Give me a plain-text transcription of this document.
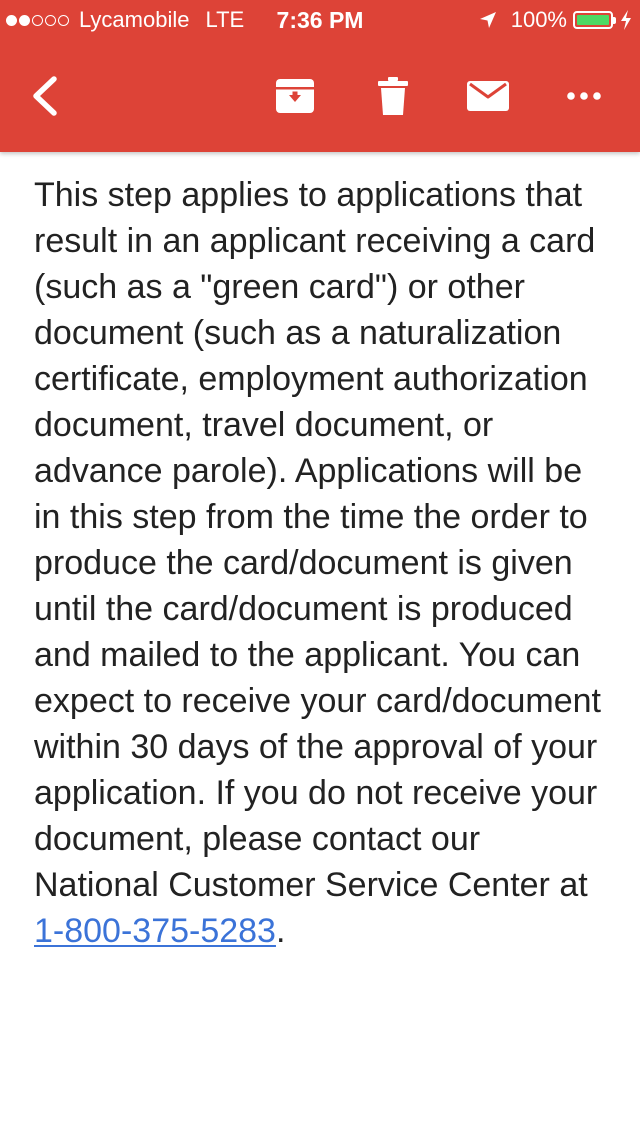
Lycamobile LTE	7:36 PM	100%

This step applies to applications that result in an applicant receiving a card (such as a "green card") or other document (such as a naturalization certificate, employment authorization document, travel document, or advance parole). Applications will be in this step from the time the order to produce the card/document is given until the card/document is produced and mailed to the applicant. You can expect to receive your card/document within 30 days of the approval of your application. If you do not receive your document, please contact our National Customer Service Center at 1-800-375-5283.
